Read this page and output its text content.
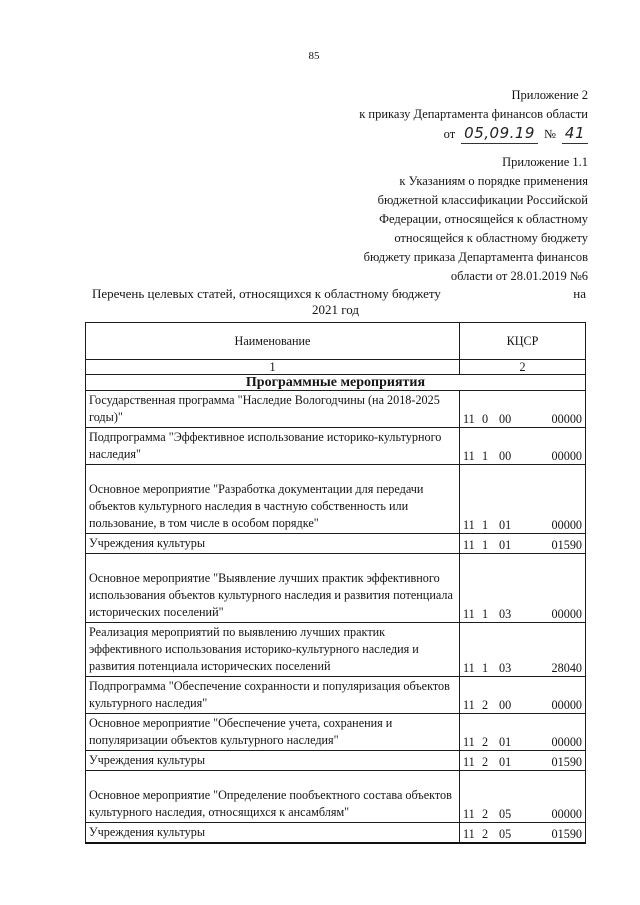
85
Приложение 2
к приказу Департамента финансов области
от 05,09.19 № 41
Приложение 1.1
к Указаниям о порядке применения
бюджетной классификации Российской
Федерации, относящейся к областному
относящейся к областному бюджету
бюджету приказа Департамента финансов
области от 28.01.2019 №6
Перечень целевых статей, относящихся к областному бюджету	на
2021 год
Наименование	КЦСР
1	2
Программные мероприятия	
Государственная программа "Наследие Вологодчины (на 2018-2025 годы)"	11 0 00 00000

Подпрограмма "Эффективное использование историко-культурного наследия"	11 1 00 00000

Основное мероприятие "Разработка документации для передачи объектов культурного наследия в частную собственность или пользование, в том числе в особом порядке"	11 1 01 00000

Учреждения культуры	11 1 01 01590

Основное мероприятие "Выявление лучших практик эффективного использования объектов культурного наследия и развития потенциала исторических поселений"	11 1 03 00000

Реализация мероприятий по выявлению лучших практик эффективного использования историко-культурного наследия и развития потенциала исторических поселений	11 1 03 28040

Подпрограмма "Обеспечение сохранности и популяризация объектов культурного наследия"	11 2 00 00000

Основное мероприятие "Обеспечение учета, сохранения и популяризации объектов культурного наследия"	11 2 01 00000

Учреждения культуры	11 2 01 01590

Основное мероприятие "Определение пообъектного состава объектов культурного наследия, относящихся к ансамблям"	11 2 05 00000

Учреждения культуры	11 2 05 01590
